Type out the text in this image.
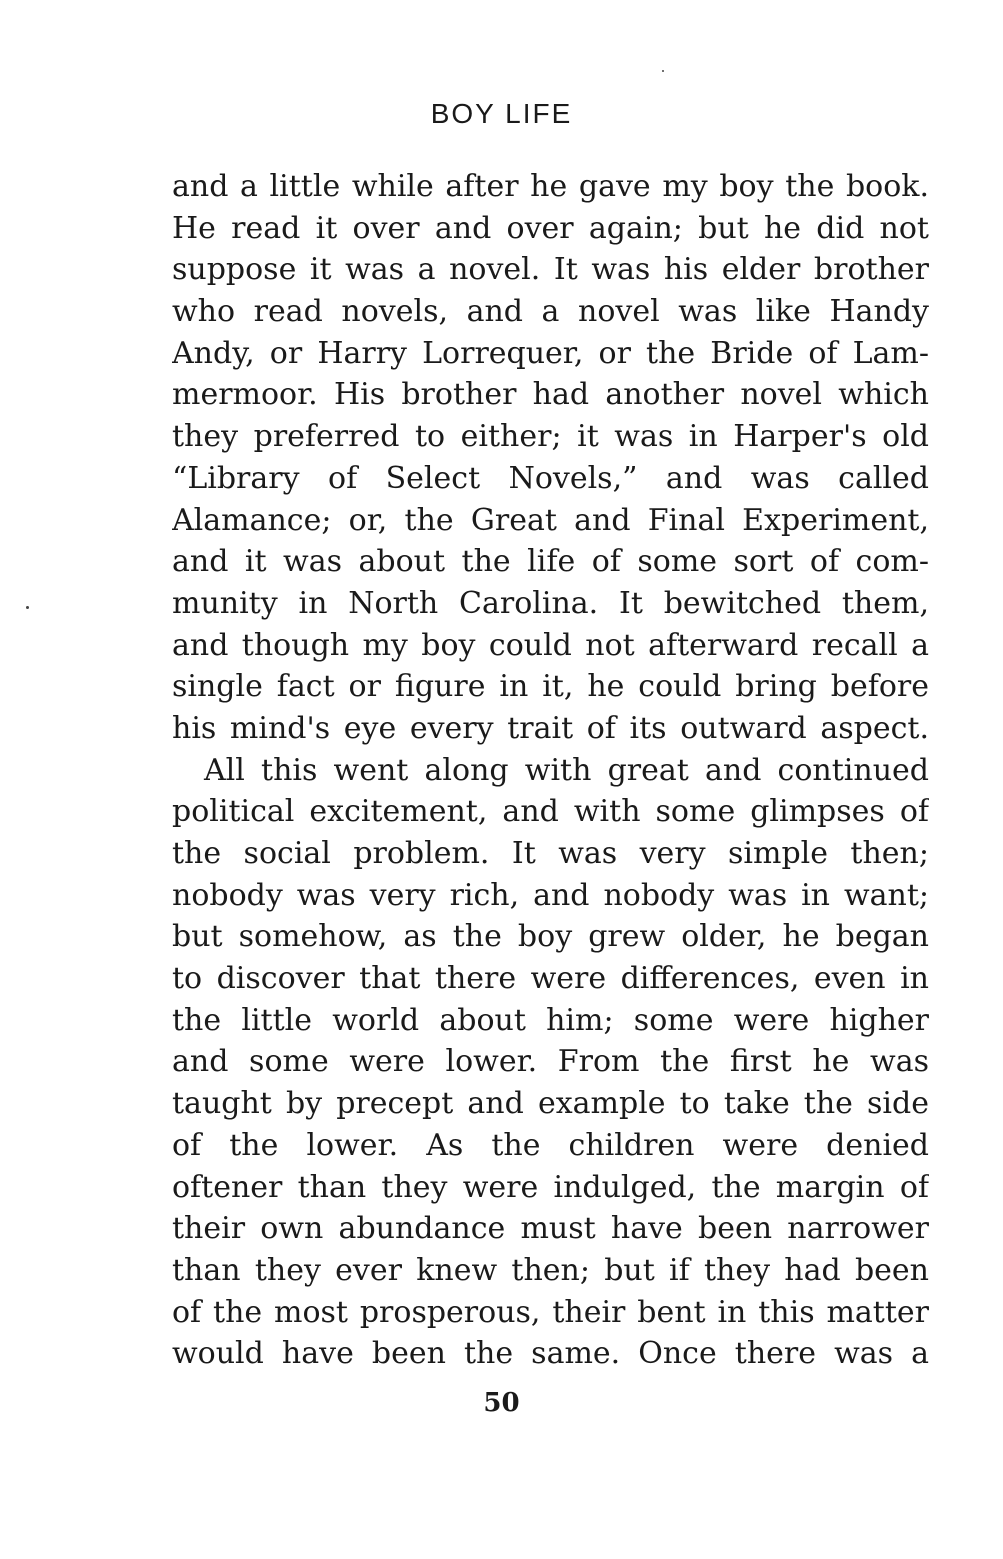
BOY LIFE
and a little while after he gave my boy the book.
He read it over and over again; but he did not
suppose it was a novel. It was his elder brother
who read novels, and a novel was like Handy
Andy, or Harry Lorrequer, or the Bride of Lam-
mermoor. His brother had another novel which
they preferred to either; it was in Harper's old
“Library of Select Novels,” and was called
Alamance; or, the Great and Final Experiment,
and it was about the life of some sort of com-
munity in North Carolina. It bewitched them,
and though my boy could not afterward recall a
single fact or figure in it, he could bring before
his mind's eye every trait of its outward aspect.
All this went along with great and continued
political excitement, and with some glimpses of
the social problem. It was very simple then;
nobody was very rich, and nobody was in want;
but somehow, as the boy grew older, he began
to discover that there were differences, even in
the little world about him; some were higher
and some were lower. From the first he was
taught by precept and example to take the side
of the lower. As the children were denied
oftener than they were indulged, the margin of
their own abundance must have been narrower
than they ever knew then; but if they had been
of the most prosperous, their bent in this matter
would have been the same. Once there was a
50
